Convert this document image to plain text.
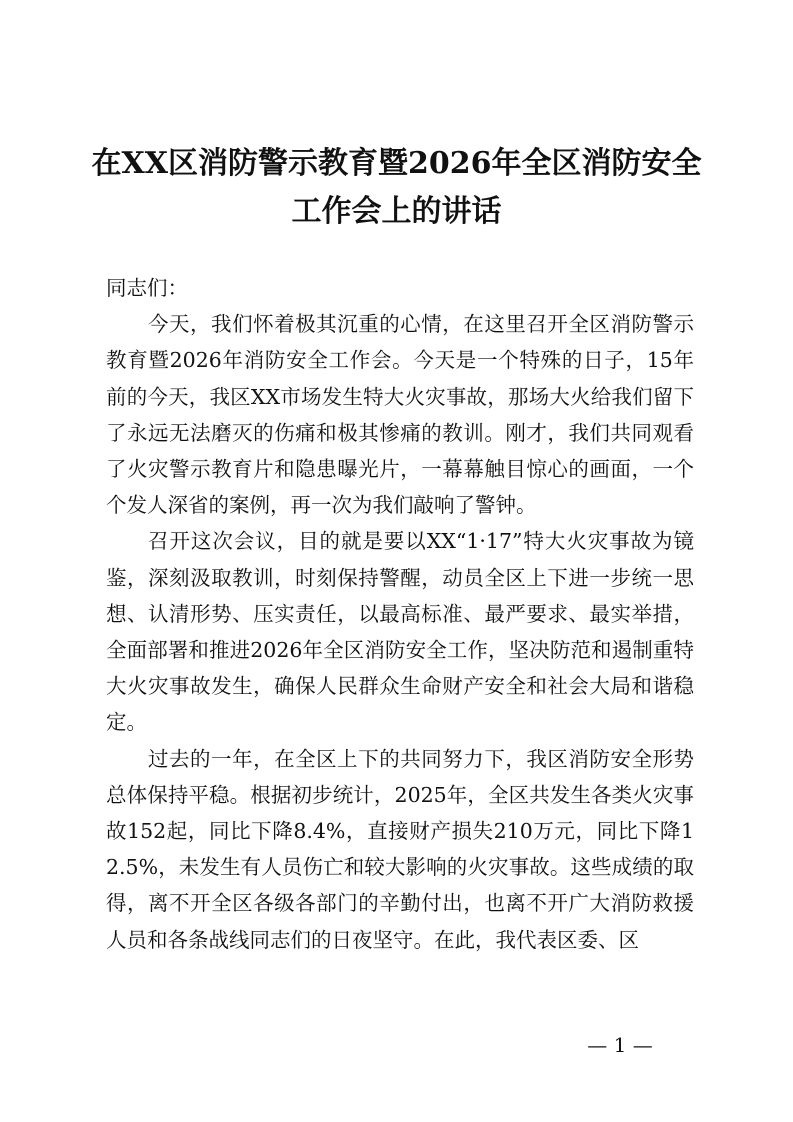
在XX区消防警示教育暨2026年全区消防安全
工作会上的讲话

同志们：

今天，我们怀着极其沉重的心情，在这里召开全区消防警示教育暨2026年消防安全工作会。今天是一个特殊的日子，15年前的今天，我区XX市场发生特大火灾事故，那场大火给我们留下了永远无法磨灭的伤痛和极其惨痛的教训。刚才，我们共同观看了火灾警示教育片和隐患曝光片，一幕幕触目惊心的画面，一个个发人深省的案例，再一次为我们敲响了警钟。

召开这次会议，目的就是要以XX“1·17”特大火灾事故为镜鉴，深刻汲取教训，时刻保持警醒，动员全区上下进一步统一思想、认清形势、压实责任，以最高标准、最严要求、最实举措，全面部署和推进2026年全区消防安全工作，坚决防范和遏制重特大火灾事故发生，确保人民群众生命财产安全和社会大局和谐稳定。

过去的一年，在全区上下的共同努力下，我区消防安全形势总体保持平稳。根据初步统计，2025年，全区共发生各类火灾事故152起，同比下降8.4%，直接财产损失210万元，同比下降12.5%，未发生有人员伤亡和较大影响的火灾事故。这些成绩的取得，离不开全区各级各部门的辛勤付出，也离不开广大消防救援人员和各条战线同志们的日夜坚守。在此，我代表区委、区

— 1 —
